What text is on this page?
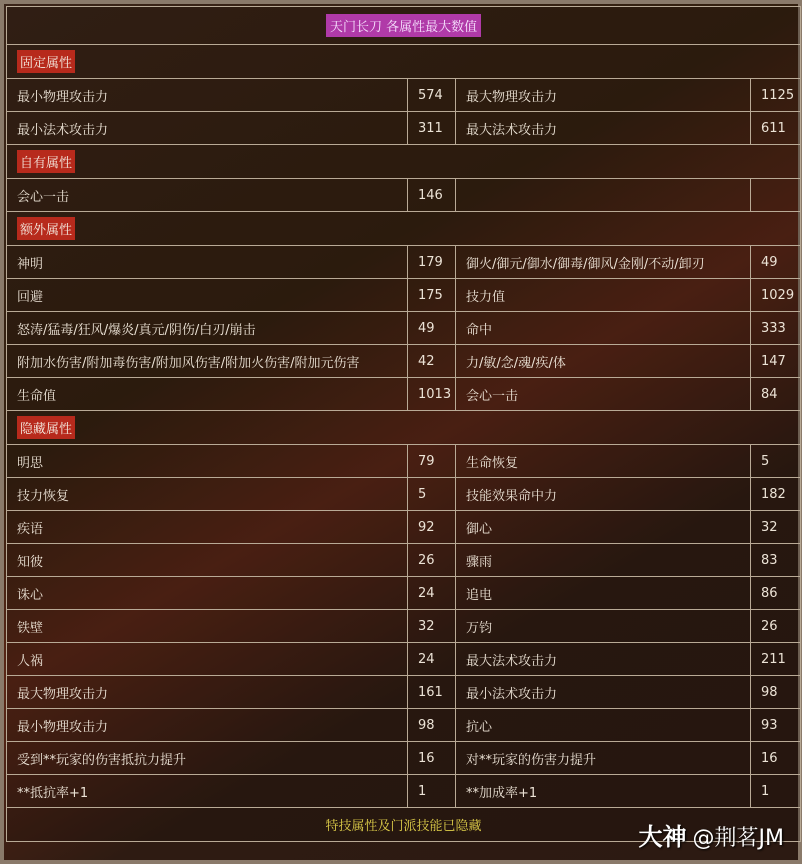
天门长刀 各属性最大数值			
固定属性			
最小物理攻击力	574	最大物理攻击力	1125
最小法术攻击力	311	最大法术攻击力	611
自有属性			
会心一击	146		
额外属性			
神明	179	御火/御元/御水/御毒/御风/金刚/不动/卸刃	49
回避	175	技力值	1029
怒涛/猛毒/狂风/爆炎/真元/阴伤/白刃/崩击	49	命中	333
附加水伤害/附加毒伤害/附加风伤害/附加火伤害/附加元伤害	42	力/敏/念/魂/疾/体	147
生命值	1013	会心一击	84
隐藏属性			
明思	79	生命恢复	5
技力恢复	5	技能效果命中力	182
疾语	92	御心	32
知彼	26	骤雨	83
诛心	24	追电	86
铁壁	32	万钧	26
人祸	24	最大法术攻击力	211
最大物理攻击力	161	最小法术攻击力	98
最小物理攻击力	98	抗心	93
受到**玩家的伤害抵抗力提升	16	对**玩家的伤害力提升	16
**抵抗率+1	1	**加成率+1	1
特技属性及门派技能已隐藏				大神 @荆茗JM
